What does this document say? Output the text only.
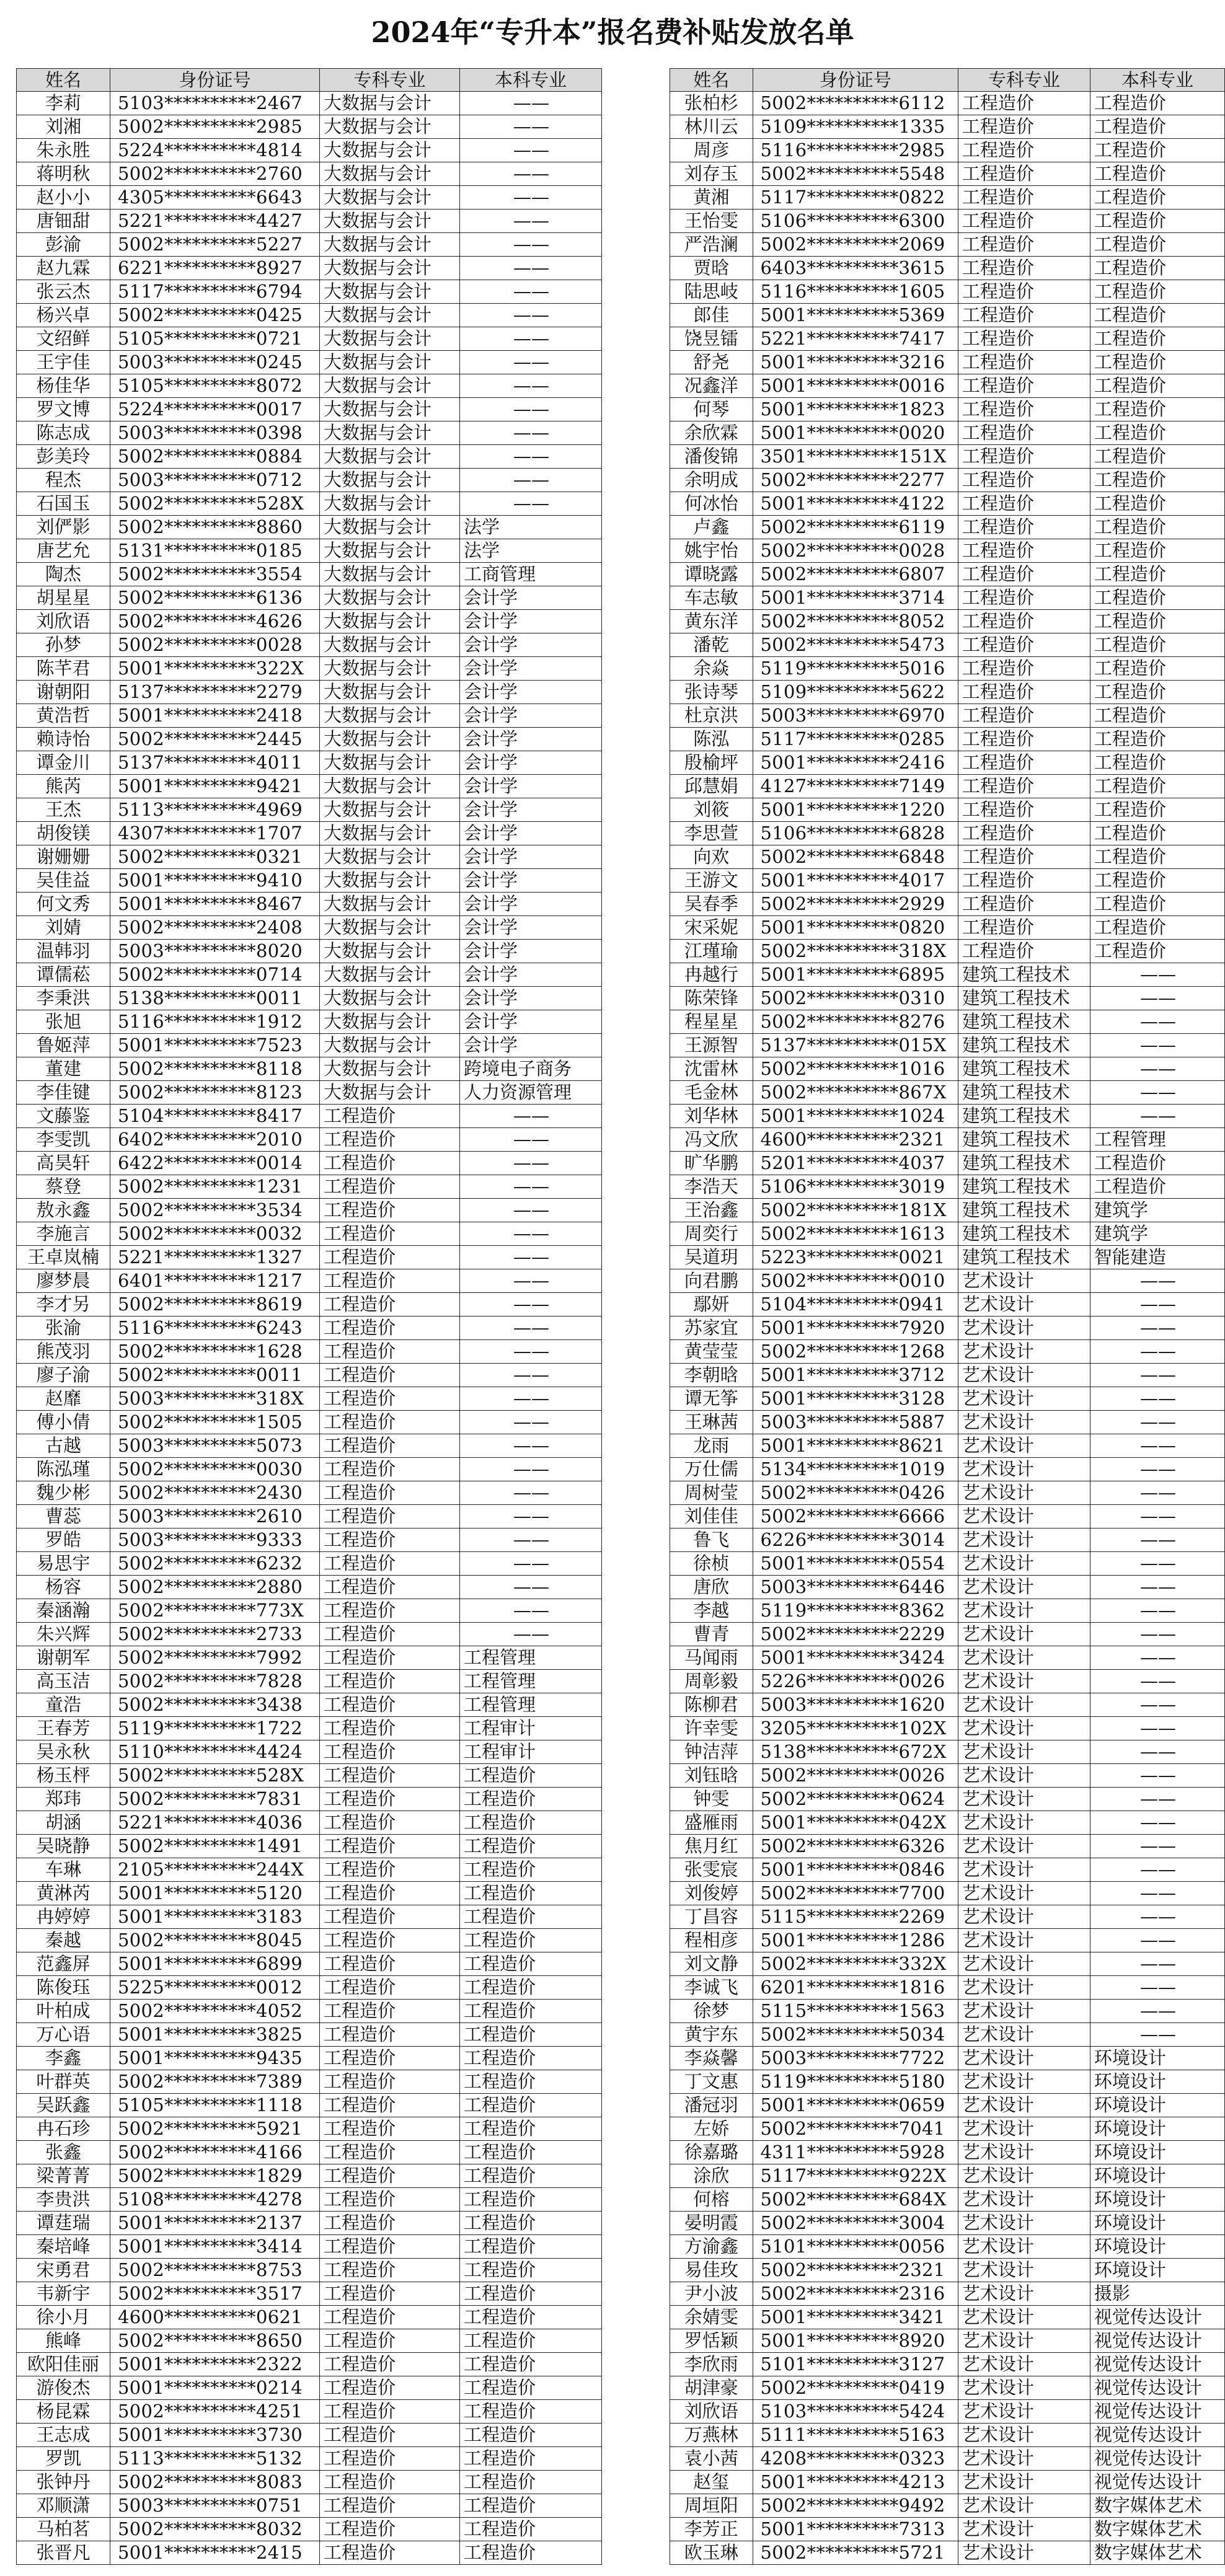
2024年“专升本”报名费补贴发放名单
姓名	身份证号	专科专业	本科专业
李莉	5103**********2467	大数据与会计	——
刘湘	5002**********2985	大数据与会计	——
朱永胜	5224**********4814	大数据与会计	——
蒋明秋	5002**********2760	大数据与会计	——
赵小小	4305**********6643	大数据与会计	——
唐钿甜	5221**********4427	大数据与会计	——
彭渝	5002**********5227	大数据与会计	——
赵九霖	6221**********8927	大数据与会计	——
张云杰	5117**********6794	大数据与会计	——
杨兴卓	5002**********0425	大数据与会计	——
文绍鲜	5105**********0721	大数据与会计	——
王宇佳	5003**********0245	大数据与会计	——
杨佳华	5105**********8072	大数据与会计	——
罗文博	5224**********0017	大数据与会计	——
陈志成	5003**********0398	大数据与会计	——
彭美玲	5002**********0884	大数据与会计	——
程杰	5003**********0712	大数据与会计	——
石国玉	5002**********528X	大数据与会计	——
刘俨影	5002**********8860	大数据与会计	法学
唐艺允	5131**********0185	大数据与会计	法学
陶杰	5002**********3554	大数据与会计	工商管理
胡星星	5002**********6136	大数据与会计	会计学
刘欣语	5002**********4626	大数据与会计	会计学
孙梦	5002**********0028	大数据与会计	会计学
陈芊君	5001**********322X	大数据与会计	会计学
谢朝阳	5137**********2279	大数据与会计	会计学
黄浩哲	5001**********2418	大数据与会计	会计学
赖诗怡	5002**********2445	大数据与会计	会计学
谭金川	5137**********4011	大数据与会计	会计学
熊芮	5001**********9421	大数据与会计	会计学
王杰	5113**********4969	大数据与会计	会计学
胡俊镁	4307**********1707	大数据与会计	会计学
谢姗姗	5002**********0321	大数据与会计	会计学
吴佳益	5001**********9410	大数据与会计	会计学
何文秀	5001**********8467	大数据与会计	会计学
刘婧	5002**********2408	大数据与会计	会计学
温韩羽	5003**********8020	大数据与会计	会计学
谭儒菘	5002**********0714	大数据与会计	会计学
李秉洪	5138**********0011	大数据与会计	会计学
张旭	5116**********1912	大数据与会计	会计学
鲁姬萍	5001**********7523	大数据与会计	会计学
董建	5002**********8118	大数据与会计	跨境电子商务
李佳键	5002**********8123	大数据与会计	人力资源管理
文藤鉴	5104**********8417	工程造价	——
李雯凯	6402**********2010	工程造价	——
高昊轩	6422**********0014	工程造价	——
蔡登	5002**********1231	工程造价	——
敖永鑫	5002**********3534	工程造价	——
李施言	5002**********0032	工程造价	——
王卓岚楠	5221**********1327	工程造价	——
廖梦晨	6401**********1217	工程造价	——
李才另	5002**********8619	工程造价	——
张渝	5116**********6243	工程造价	——
熊茂羽	5002**********1628	工程造价	——
廖子渝	5002**********0011	工程造价	——
赵靡	5003**********318X	工程造价	——
傅小倩	5002**********1505	工程造价	——
古越	5003**********5073	工程造价	——
陈泓瑾	5002**********0030	工程造价	——
魏少彬	5002**********2430	工程造价	——
曹蕊	5003**********2610	工程造价	——
罗皓	5003**********9333	工程造价	——
易思宇	5002**********6232	工程造价	——
杨容	5002**********2880	工程造价	——
秦涵瀚	5002**********773X	工程造价	——
朱兴辉	5002**********2733	工程造价	——
谢朝军	5002**********7992	工程造价	工程管理
高玉洁	5002**********7828	工程造价	工程管理
童浩	5002**********3438	工程造价	工程管理
王春芳	5119**********1722	工程造价	工程审计
吴永秋	5110**********4424	工程造价	工程审计
杨玉枰	5002**********528X	工程造价	工程造价
郑玮	5002**********7831	工程造价	工程造价
胡涵	5221**********4036	工程造价	工程造价
吴晓静	5002**********1491	工程造价	工程造价
车琳	2105**********244X	工程造价	工程造价
黄淋芮	5001**********5120	工程造价	工程造价
冉婷婷	5001**********3183	工程造价	工程造价
秦越	5002**********8045	工程造价	工程造价
范鑫屏	5001**********6899	工程造价	工程造价
陈俊珏	5225**********0012	工程造价	工程造价
叶柏成	5002**********4052	工程造价	工程造价
万心语	5001**********3825	工程造价	工程造价
李鑫	5001**********9435	工程造价	工程造价
叶群英	5002**********7389	工程造价	工程造价
吴跃鑫	5105**********1118	工程造价	工程造价
冉石珍	5002**********5921	工程造价	工程造价
张鑫	5002**********4166	工程造价	工程造价
梁菁菁	5002**********1829	工程造价	工程造价
李贵洪	5108**********4278	工程造价	工程造价
谭莛瑞	5001**********2137	工程造价	工程造价
秦培峰	5001**********3414	工程造价	工程造价
宋勇君	5002**********8753	工程造价	工程造价
韦新宇	5002**********3517	工程造价	工程造价
徐小月	4600**********0621	工程造价	工程造价
熊峰	5002**********8650	工程造价	工程造价
欧阳佳丽	5001**********2322	工程造价	工程造价
游俊杰	5001**********0214	工程造价	工程造价
杨昆霖	5002**********4251	工程造价	工程造价
王志成	5001**********3730	工程造价	工程造价
罗凯	5113**********5132	工程造价	工程造价
张钟丹	5002**********8083	工程造价	工程造价
邓顺潇	5003**********0751	工程造价	工程造价
马柏茗	5002**********8032	工程造价	工程造价
张晋凡	5001**********2415	工程造价	工程造价
姓名	身份证号	专科专业	本科专业
张柏杉	5002**********6112	工程造价	工程造价
林川云	5109**********1335	工程造价	工程造价
周彦	5116**********2985	工程造价	工程造价
刘存玉	5002**********5548	工程造价	工程造价
黄湘	5117**********0822	工程造价	工程造价
王怡雯	5106**********6300	工程造价	工程造价
严浩澜	5002**********2069	工程造价	工程造价
贾晗	6403**********3615	工程造价	工程造价
陆思岐	5116**********1605	工程造价	工程造价
郎佳	5001**********5369	工程造价	工程造价
饶昱镭	5221**********7417	工程造价	工程造价
舒尧	5001**********3216	工程造价	工程造价
况鑫洋	5001**********0016	工程造价	工程造价
何琴	5001**********1823	工程造价	工程造价
余欣霖	5001**********0020	工程造价	工程造价
潘俊锦	3501**********151X	工程造价	工程造价
余明成	5002**********2277	工程造价	工程造价
何冰怡	5001**********4122	工程造价	工程造价
卢鑫	5002**********6119	工程造价	工程造价
姚宇怡	5002**********0028	工程造价	工程造价
谭晓露	5002**********6807	工程造价	工程造价
车志敏	5001**********3714	工程造价	工程造价
黄东洋	5002**********8052	工程造价	工程造价
潘乾	5002**********5473	工程造价	工程造价
余焱	5119**********5016	工程造价	工程造价
张诗琴	5109**********5622	工程造价	工程造价
杜京洪	5003**********6970	工程造价	工程造价
陈泓	5117**********0285	工程造价	工程造价
殷榆坪	5001**********2416	工程造价	工程造价
邱慧娟	4127**********7149	工程造价	工程造价
刘筱	5001**********1220	工程造价	工程造价
李思萱	5106**********6828	工程造价	工程造价
向欢	5002**********6848	工程造价	工程造价
王游文	5001**********4017	工程造价	工程造价
吴春季	5002**********2929	工程造价	工程造价
宋采妮	5001**********0820	工程造价	工程造价
江瑾瑜	5002**********318X	工程造价	工程造价
冉越行	5001**********6895	建筑工程技术	——
陈荣锋	5002**********0310	建筑工程技术	——
程星星	5002**********8276	建筑工程技术	——
王源智	5137**********015X	建筑工程技术	——
沈雷林	5002**********1016	建筑工程技术	——
毛金林	5002**********867X	建筑工程技术	——
刘华林	5001**********1024	建筑工程技术	——
冯文欣	4600**********2321	建筑工程技术	工程管理
旷华鹏	5201**********4037	建筑工程技术	工程造价
李浩天	5106**********3019	建筑工程技术	工程造价
王治鑫	5002**********181X	建筑工程技术	建筑学
周奕行	5002**********1613	建筑工程技术	建筑学
吴道玥	5223**********0021	建筑工程技术	智能建造
向君鹏	5002**********0010	艺术设计	——
鄢妍	5104**********0941	艺术设计	——
苏家宜	5001**********7920	艺术设计	——
黄莹莹	5002**********1268	艺术设计	——
李朝晗	5001**********3712	艺术设计	——
谭无筝	5001**********3128	艺术设计	——
王琳茜	5003**********5887	艺术设计	——
龙雨	5001**********8621	艺术设计	——
万仕儒	5134**********1019	艺术设计	——
周树莹	5002**********0426	艺术设计	——
刘佳佳	5002**********6666	艺术设计	——
鲁飞	6226**********3014	艺术设计	——
徐桢	5001**********0554	艺术设计	——
唐欣	5003**********6446	艺术设计	——
李越	5119**********8362	艺术设计	——
曹青	5002**********2229	艺术设计	——
马闻雨	5001**********3424	艺术设计	——
周彰毅	5226**********0026	艺术设计	——
陈柳君	5003**********1620	艺术设计	——
许幸雯	3205**********102X	艺术设计	——
钟洁萍	5138**********672X	艺术设计	——
刘钰晗	5002**********0026	艺术设计	——
钟雯	5002**********0624	艺术设计	——
盛雁雨	5001**********042X	艺术设计	——
焦月红	5002**********6326	艺术设计	——
张雯宸	5001**********0846	艺术设计	——
刘俊婷	5002**********7700	艺术设计	——
丁昌容	5115**********2269	艺术设计	——
程相彦	5001**********1286	艺术设计	——
刘文静	5002**********332X	艺术设计	——
李诚飞	6201**********1816	艺术设计	——
徐梦	5115**********1563	艺术设计	——
黄宇东	5002**********5034	艺术设计	——
李焱馨	5003**********7722	艺术设计	环境设计
丁文惠	5119**********5180	艺术设计	环境设计
潘冠羽	5001**********0659	艺术设计	环境设计
左娇	5002**********7041	艺术设计	环境设计
徐嘉璐	4311**********5928	艺术设计	环境设计
涂欣	5117**********922X	艺术设计	环境设计
何榕	5002**********684X	艺术设计	环境设计
晏明霞	5002**********3004	艺术设计	环境设计
方渝鑫	5101**********0056	艺术设计	环境设计
易佳玫	5002**********2321	艺术设计	环境设计
尹小波	5002**********2316	艺术设计	摄影
余婧雯	5001**********3421	艺术设计	视觉传达设计
罗恬颖	5001**********8920	艺术设计	视觉传达设计
李欣雨	5101**********3127	艺术设计	视觉传达设计
胡津豪	5002**********0419	艺术设计	视觉传达设计
刘欣语	5103**********5424	艺术设计	视觉传达设计
万燕林	5111**********5163	艺术设计	视觉传达设计
袁小茜	4208**********0323	艺术设计	视觉传达设计
赵玺	5001**********4213	艺术设计	视觉传达设计
周垣阳	5002**********9492	艺术设计	数字媒体艺术
李芳正	5001**********7313	艺术设计	数字媒体艺术
欧玉琳	5002**********5721	艺术设计	数字媒体艺术
